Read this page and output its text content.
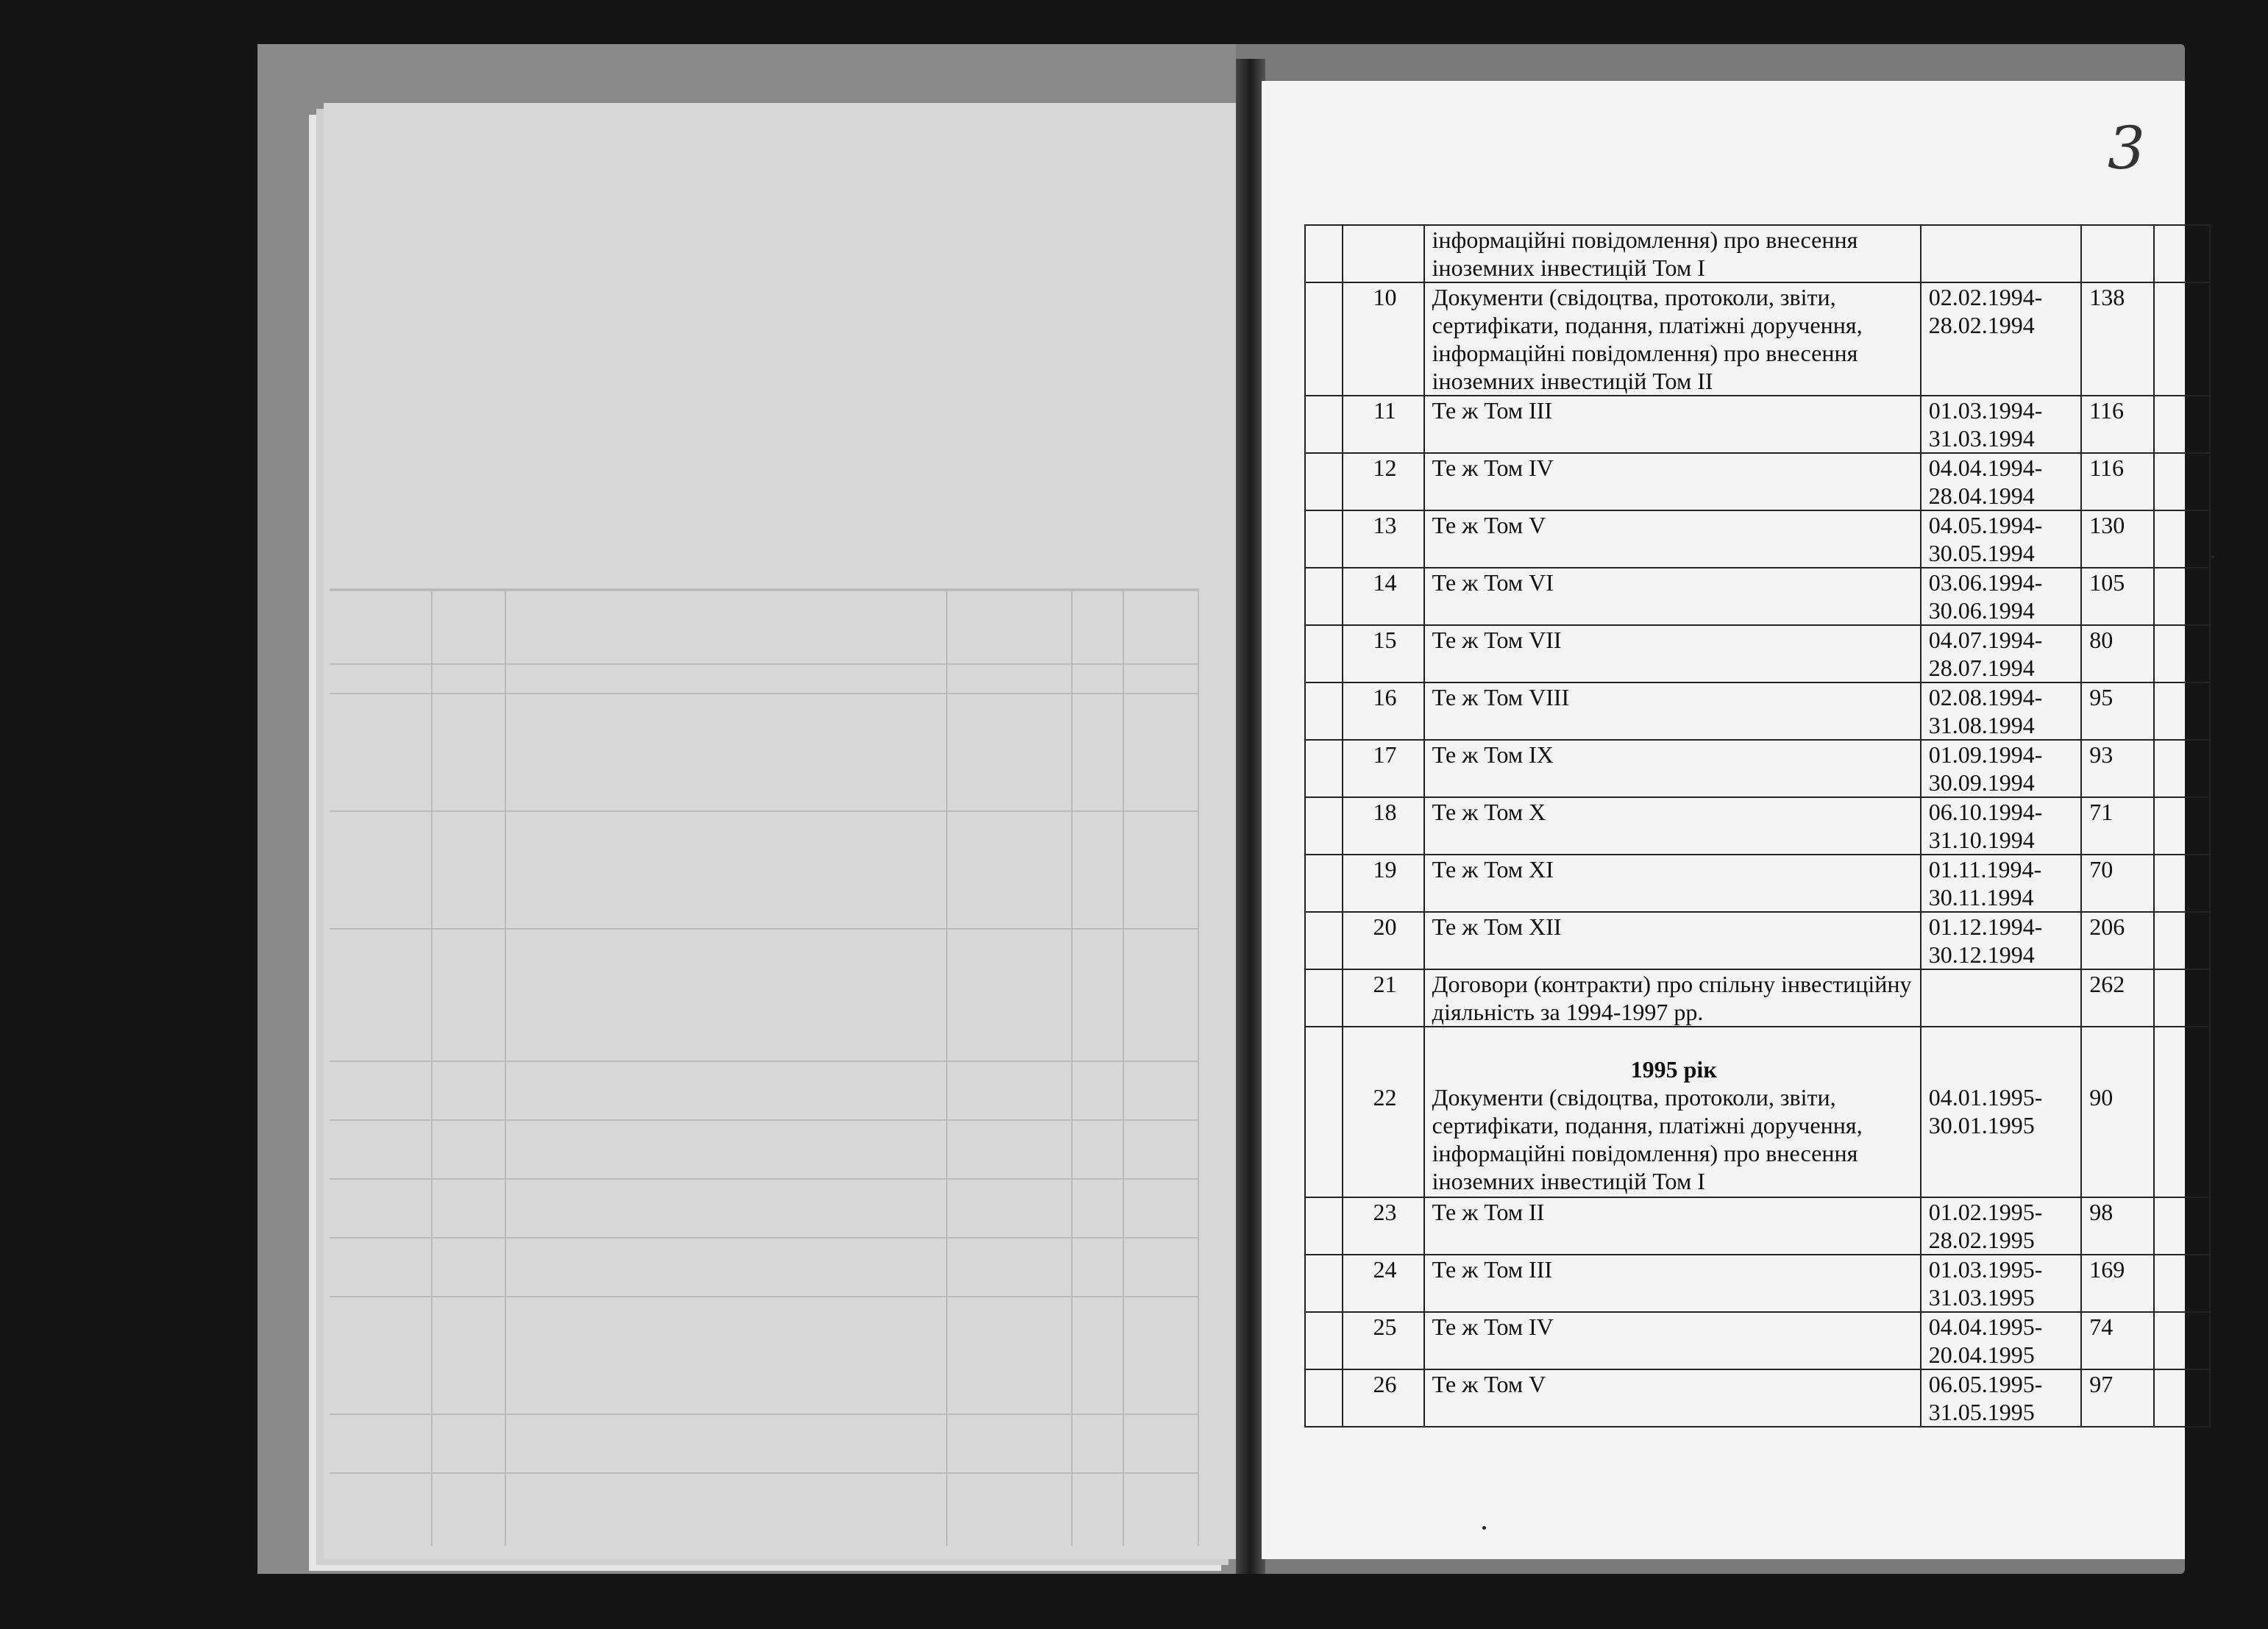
3
		інформаційні повідомлення) про внесення іноземних інвестицій Том І			
	10	Документи (свідоцтва, протоколи, звіти, сертифікати, подання, платіжні доручення, інформаційні повідомлення) про внесення іноземних інвестицій Том ІІ	02.02.1994-
28.02.1994	138	
	11	Те ж Том ІІІ	01.03.1994-
31.03.1994	116	
	12	Те ж Том IV	04.04.1994-
28.04.1994	116	
	13	Те ж Том V	04.05.1994-
30.05.1994	130	
	14	Те ж Том VI	03.06.1994-
30.06.1994	105	
	15	Те ж Том VII	04.07.1994-
28.07.1994	80	
	16	Те ж Том VIII	02.08.1994-
31.08.1994	95	
	17	Те ж Том IX	01.09.1994-
30.09.1994	93	
	18	Те ж Том Х	06.10.1994-
31.10.1994	71	
	19	Те ж Том ХІ	01.11.1994-
30.11.1994	70	
	20	Те ж Том ХІІ	01.12.1994-
30.12.1994	206	
	21	Договори (контракти) про спільну інвестиційну діяльність за 1994-1997 рр.		262	
	22	1995 рік
Документи (свідоцтва, протоколи, звіти, сертифікати, подання, платіжні доручення, інформаційні повідомлення) про внесення іноземних інвестицій Том І	04.01.1995-
30.01.1995	90	
	23	Те ж Том ІІ	01.02.1995-
28.02.1995	98	
	24	Те ж Том ІІІ	01.03.1995-
31.03.1995	169	
	25	Те ж Том IV	04.04.1995-
20.04.1995	74	
	26	Те ж Том V	06.05.1995-
31.05.1995	97	
